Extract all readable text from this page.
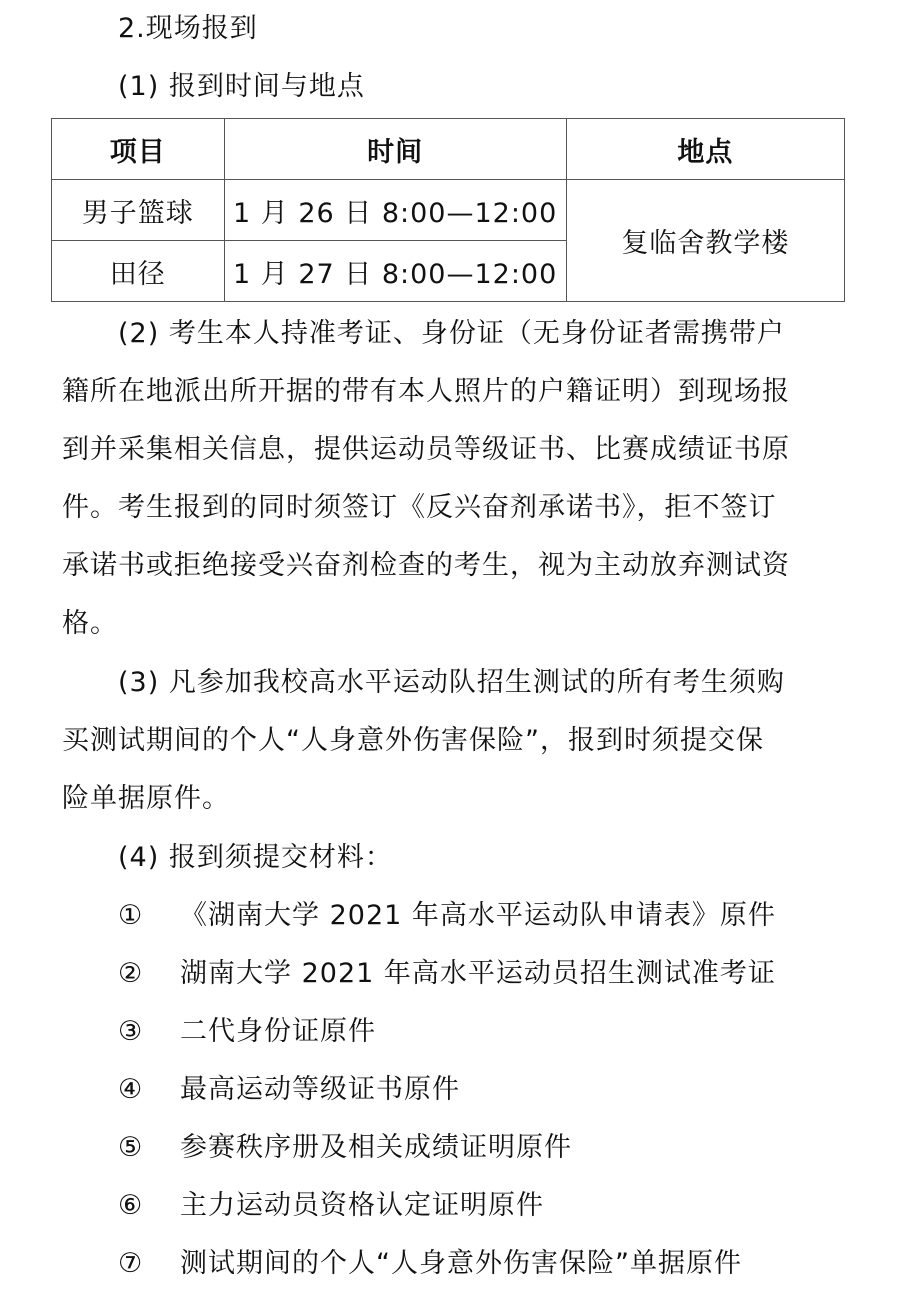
2.现场报到
(1) 报到时间与地点
项目	时间	地点
男子篮球	1 月 26 日 8:00—12:00	复临舍教学楼
田径	1 月 27 日 8:00—12:00	
(2) 考生本人持准考证、身份证（无身份证者需携带户
籍所在地派出所开据的带有本人照片的户籍证明）到现场报
到并采集相关信息，提供运动员等级证书、比赛成绩证书原
件。考生报到的同时须签订《反兴奋剂承诺书》，拒不签订
承诺书或拒绝接受兴奋剂检查的考生，视为主动放弃测试资
格。
(3) 凡参加我校高水平运动队招生测试的所有考生须购
买测试期间的个人“人身意外伤害保险”，报到时须提交保
险单据原件。
(4) 报到须提交材料：
① 《湖南大学 2021 年高水平运动队申请表》原件
② 湖南大学 2021 年高水平运动员招生测试准考证
③ 二代身份证原件
④ 最高运动等级证书原件
⑤ 参赛秩序册及相关成绩证明原件
⑥ 主力运动员资格认定证明原件
⑦ 测试期间的个人“人身意外伤害保险”单据原件
